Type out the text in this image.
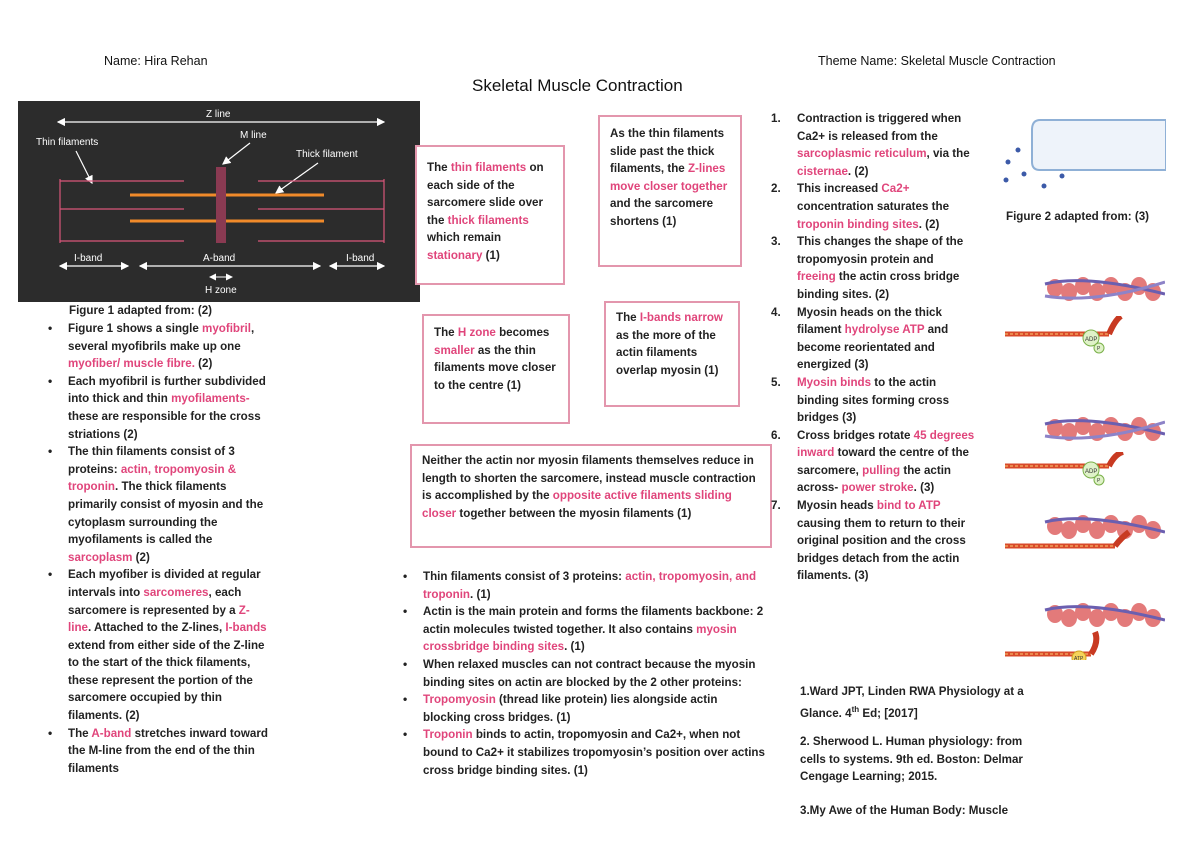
Name: Hira Rehan	Theme Name: Skeletal Muscle Contraction
Skeletal Muscle Contraction
Z line
M line
Thin filaments
Thick filament
I-band	A-band	I-band
H zone
Figure 1 adapted from: (2)
• Figure 1 shows a single myofibril, several myofibrils make up one myofiber/ muscle fibre. (2)
• Each myofibril is further subdivided into thick and thin myofilaments- these are responsible for the cross striations (2)
• The thin filaments consist of 3 proteins: actin, tropomyosin & troponin. The thick filaments primarily consist of myosin and the cytoplasm surrounding the myofilaments is called the sarcoplasm (2)
• Each myofiber is divided at regular intervals into sarcomeres, each sarcomere is represented by a Z-line. Attached to the Z-lines, I-bands extend from either side of the Z-line to the start of the thick filaments, these represent the portion of the sarcomere occupied by thin filaments. (2)
• The A-band stretches inward toward the M-line from the end of the thin filaments
The thin filaments on each side of the sarcomere slide over the thick filaments which remain stationary (1)
As the thin filaments slide past the thick filaments, the Z-lines move closer together and the sarcomere shortens (1)
The H zone becomes smaller as the thin filaments move closer to the centre (1)
The I-bands narrow as the more of the actin filaments overlap myosin (1)
Neither the actin nor myosin filaments themselves reduce in length to shorten the sarcomere, instead muscle contraction is accomplished by the opposite active filaments sliding closer together between the myosin filaments (1)
• Thin filaments consist of 3 proteins: actin, tropomyosin, and troponin. (1)
• Actin is the main protein and forms the filaments backbone: 2 actin molecules twisted together. It also contains myosin crossbridge binding sites. (1)
• When relaxed muscles can not contract because the myosin binding sites on actin are blocked by the 2 other proteins:
• Tropomyosin (thread like protein) lies alongside actin blocking cross bridges. (1)
• Troponin binds to actin, tropomyosin and Ca2+, when not bound to Ca2+ it stabilizes tropomyosin’s position over actins cross bridge binding sites. (1)
1. Contraction is triggered when Ca2+ is released from the sarcoplasmic reticulum, via the cisternae. (2)
2. This increased Ca2+ concentration saturates the troponin binding sites. (2)
3. This changes the shape of the tropomyosin protein and freeing the actin cross bridge binding sites. (2)
4. Myosin heads on the thick filament hydrolyse ATP and become reorientated and energized (3)
5. Myosin binds to the actin binding sites forming cross bridges (3)
6. Cross bridges rotate 45 degrees inward toward the centre of the sarcomere, pulling the actin across- power stroke. (3)
7. Myosin heads bind to ATP causing them to return to their original position and the cross bridges detach from the actin filaments. (3)
Figure 2 adapted from: (3)
ADP
P
ADP
P
ATP
1.Ward JPT, Linden RWA Physiology at a Glance. 4th Ed; [2017]
2. Sherwood L. Human physiology: from cells to systems. 9th ed. Boston: Delmar Cengage Learning; 2015.
3.My Awe of the Human Body: Muscle
